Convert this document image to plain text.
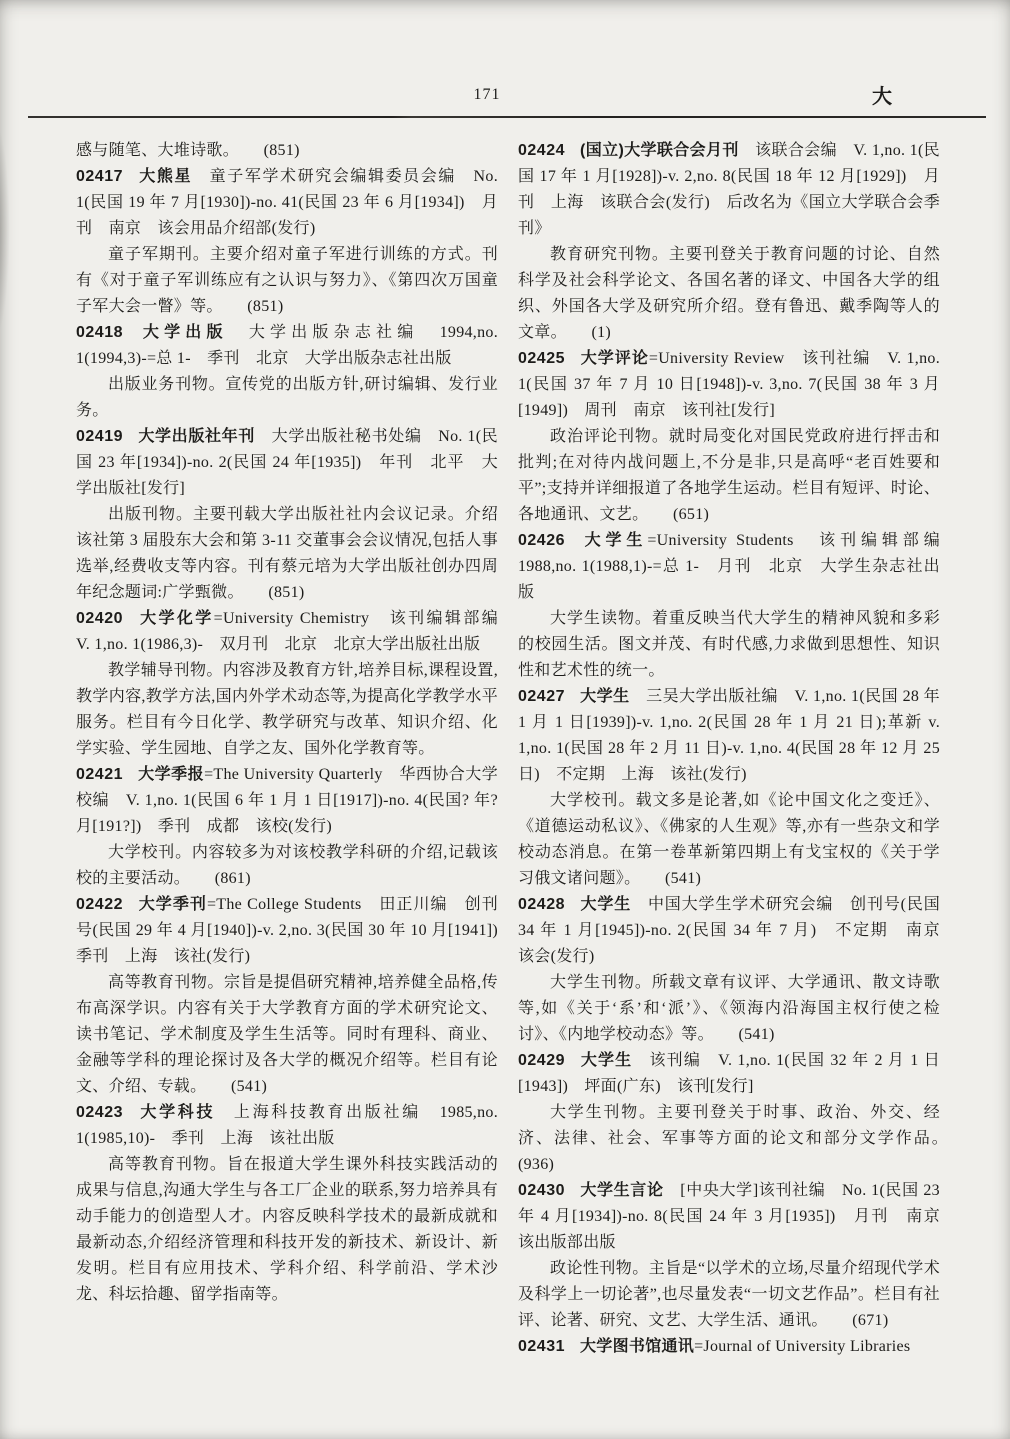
171	大

感与随笔、大堆诗歌。　　(851)

02417 大熊星　童子军学术研究会编辑委员会编　No. 1(民国 19 年 7 月[1930])-no. 41(民国 23 年 6 月[1934])　月刊　南京　该会用品介绍部(发行)

童子军期刊。主要介绍对童子军进行训练的方式。刊有《对于童子军训练应有之认识与努力》、《第四次万国童子军大会一瞥》等。　　(851)

02418 大学出版　大学出版杂志社编　1994,no. 1(1994,3)-=总 1-　季刊　北京　大学出版杂志社出版

出版业务刊物。宣传党的出版方针,研讨编辑、发行业务。

02419 大学出版社年刊　大学出版社秘书处编　No. 1(民国 23 年[1934])-no. 2(民国 24 年[1935])　年刊　北平　大学出版社[发行]

出版刊物。主要刊载大学出版社社内会议记录。介绍该社第 3 届股东大会和第 3-11 交董事会会议情况,包括人事选举,经费收支等内容。刊有蔡元培为大学出版社创办四周年纪念题词:广学甄微。　　(851)

02420 大学化学=University Chemistry　该刊编辑部编　V. 1,no. 1(1986,3)-　双月刊　北京　北京大学出版社出版

教学辅导刊物。内容涉及教育方针,培养目标,课程设置,教学内容,教学方法,国内外学术动态等,为提高化学教学水平服务。栏目有今日化学、教学研究与改革、知识介绍、化学实验、学生园地、自学之友、国外化学教育等。

02421 大学季报=The University Quarterly　华西协合大学校编　V. 1,no. 1(民国 6 年 1 月 1 日[1917])-no. 4(民国? 年? 月[191?])　季刊　成都　该校(发行)

大学校刊。内容较多为对该校教学科研的介绍,记载该校的主要活动。　　(861)

02422 大学季刊=The College Students　田正川编　创刊号(民国 29 年 4 月[1940])-v. 2,no. 3(民国 30 年 10 月[1941])　季刊　上海　该社(发行)

高等教育刊物。宗旨是提倡研究精神,培养健全品格,传布高深学识。内容有关于大学教育方面的学术研究论文、读书笔记、学术制度及学生生活等。同时有理科、商业、金融等学科的理论探讨及各大学的概况介绍等。栏目有论文、介绍、专载。　　(541)

02423 大学科技　上海科技教育出版社编　1985,no. 1(1985,10)-　季刊　上海　该社出版

高等教育刊物。旨在报道大学生课外科技实践活动的成果与信息,沟通大学生与各工厂企业的联系,努力培养具有动手能力的创造型人才。内容反映科学技术的最新成就和最新动态,介绍经济管理和科技开发的新技术、新设计、新发明。栏目有应用技术、学科介绍、科学前沿、学术沙龙、科坛拾趣、留学指南等。

02424 (国立)大学联合会月刊　该联合会编　V. 1,no. 1(民国 17 年 1 月[1928])-v. 2,no. 8(民国 18 年 12 月[1929])　月刊　上海　该联合会(发行)　后改名为《国立大学联合会季刊》

教育研究刊物。主要刊登关于教育问题的讨论、自然科学及社会科学论文、各国名著的译文、中国各大学的组织、外国各大学及研究所介绍。登有鲁迅、戴季陶等人的文章。　　(1)

02425 大学评论=University Review　该刊社编　V. 1,no. 1(民国 37 年 7 月 10 日[1948])-v. 3,no. 7(民国 38 年 3 月[1949])　周刊　南京　该刊社[发行]

政治评论刊物。就时局变化对国民党政府进行抨击和批判;在对待内战问题上,不分是非,只是高呼“老百姓要和平”;支持并详细报道了各地学生运动。栏目有短评、时论、各地通讯、文艺。　　(651)

02426 大学生=University Students　该刊编辑部编　1988,no. 1(1988,1)-=总 1-　月刊　北京　大学生杂志社出版

大学生读物。着重反映当代大学生的精神风貌和多彩的校园生活。图文并茂、有时代感,力求做到思想性、知识性和艺术性的统一。

02427 大学生　三吴大学出版社编　V. 1,no. 1(民国 28 年 1 月 1 日[1939])-v. 1,no. 2(民国 28 年 1 月 21 日);革新 v. 1,no. 1(民国 28 年 2 月 11 日)-v. 1,no. 4(民国 28 年 12 月 25 日)　不定期　上海　该社(发行)

大学校刊。载文多是论著,如《论中国文化之变迁》、《道德运动私议》、《佛家的人生观》等,亦有一些杂文和学校动态消息。在第一卷革新第四期上有戈宝权的《关于学习俄文诸问题》。　　(541)

02428 大学生　中国大学生学术研究会编　创刊号(民国 34 年 1 月[1945])-no. 2(民国 34 年 7 月)　不定期　南京　该会(发行)

大学生刊物。所载文章有议评、大学通讯、散文诗歌等,如《关于‘系’和‘派’》、《领海内沿海国主权行使之检讨》、《内地学校动态》等。　　(541)

02429 大学生　该刊编　V. 1,no. 1(民国 32 年 2 月 1 日[1943])　坪面(广东)　该刊[发行]

大学生刊物。主要刊登关于时事、政治、外交、经济、法律、社会、军事等方面的论文和部分文学作品。　　(936)

02430 大学生言论　[中央大学]该刊社编　No. 1(民国 23 年 4 月[1934])-no. 8(民国 24 年 3 月[1935])　月刊　南京　该出版部出版

政论性刊物。主旨是“以学术的立场,尽量介绍现代学术及科学上一切论著”,也尽量发表“一切文艺作品”。栏目有社评、论著、研究、文艺、大学生活、通讯。　　(671)

02431 大学图书馆通讯=Journal of University Libraries
